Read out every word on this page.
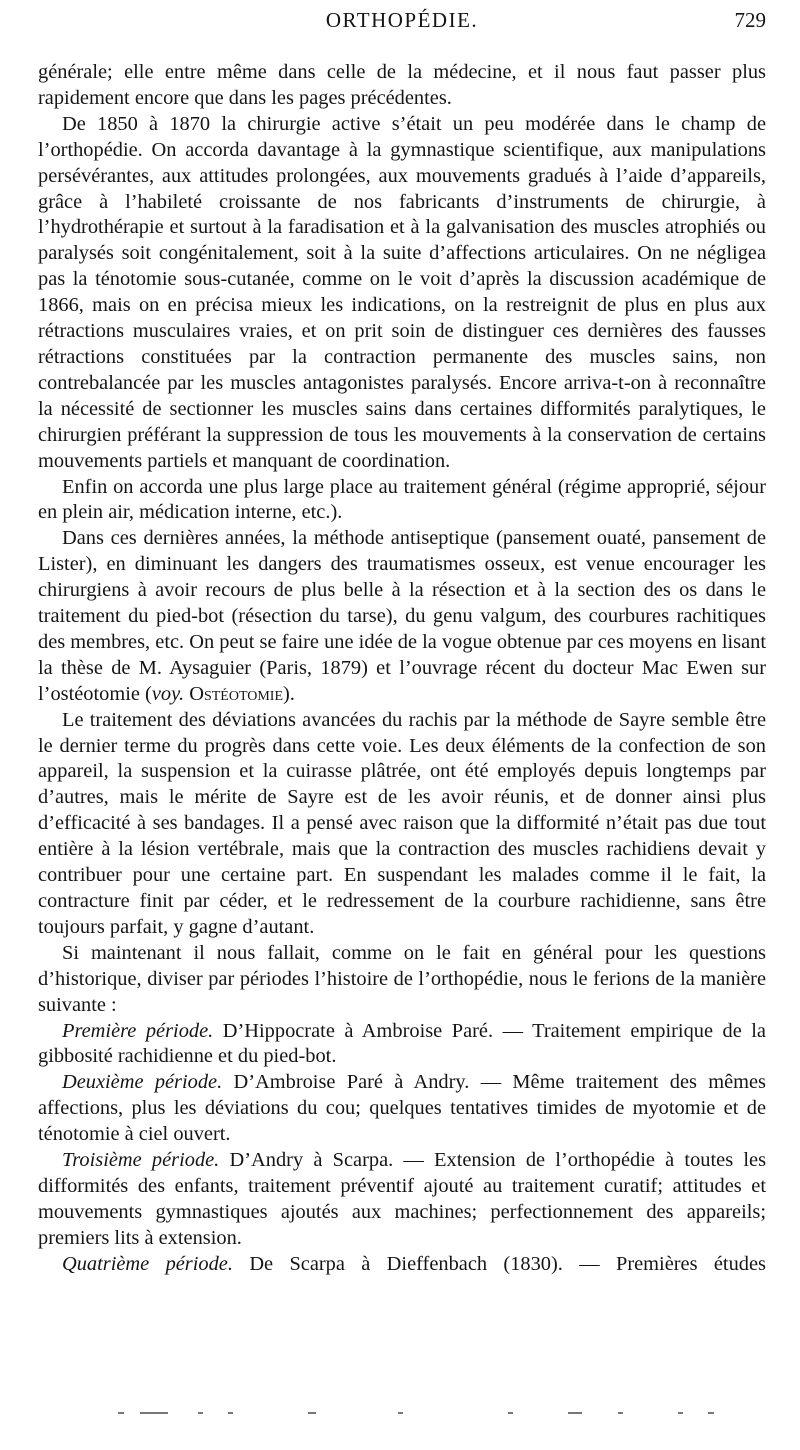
ORTHOPÉDIE.	729

générale; elle entre même dans celle de la médecine, et il nous faut passer plus rapidement encore que dans les pages précédentes.

De 1850 à 1870 la chirurgie active s’était un peu modérée dans le champ de l’orthopédie. On accorda davantage à la gymnastique scientifique, aux manipulations persévérantes, aux attitudes prolongées, aux mouvements gradués à l’aide d’appareils, grâce à l’habileté croissante de nos fabricants d’instruments de chirurgie, à l’hydrothérapie et surtout à la faradisation et à la galvanisation des muscles atrophiés ou paralysés soit congénitalement, soit à la suite d’affections articulaires. On ne négligea pas la ténotomie sous-cutanée, comme on le voit d’après la discussion académique de 1866, mais on en précisa mieux les indications, on la restreignit de plus en plus aux rétractions musculaires vraies, et on prit soin de distinguer ces dernières des fausses rétractions constituées par la contraction permanente des muscles sains, non contrebalancée par les muscles antagonistes paralysés. Encore arriva-t-on à reconnaître la nécessité de sectionner les muscles sains dans certaines difformités paralytiques, le chirurgien préférant la suppression de tous les mouvements à la conservation de certains mouvements partiels et manquant de coordination.

Enfin on accorda une plus large place au traitement général (régime approprié, séjour en plein air, médication interne, etc.).

Dans ces dernières années, la méthode antiseptique (pansement ouaté, pansement de Lister), en diminuant les dangers des traumatismes osseux, est venue encourager les chirurgiens à avoir recours de plus belle à la résection et à la section des os dans le traitement du pied-bot (résection du tarse), du genu valgum, des courbures rachitiques des membres, etc. On peut se faire une idée de la vogue obtenue par ces moyens en lisant la thèse de M. Aysaguier (Paris, 1879) et l’ouvrage récent du docteur Mac Ewen sur l’ostéotomie (voy. Ostéotomie).

Le traitement des déviations avancées du rachis par la méthode de Sayre semble être le dernier terme du progrès dans cette voie. Les deux éléments de la confection de son appareil, la suspension et la cuirasse plâtrée, ont été employés depuis longtemps par d’autres, mais le mérite de Sayre est de les avoir réunis, et de donner ainsi plus d’efficacité à ses bandages. Il a pensé avec raison que la difformité n’était pas due tout entière à la lésion vertébrale, mais que la contraction des muscles rachidiens devait y contribuer pour une certaine part. En suspendant les malades comme il le fait, la contracture finit par céder, et le redressement de la courbure rachidienne, sans être toujours parfait, y gagne d’autant.

Si maintenant il nous fallait, comme on le fait en général pour les questions d’historique, diviser par périodes l’histoire de l’orthopédie, nous le ferions de la manière suivante :

Première période. D’Hippocrate à Ambroise Paré. — Traitement empirique de la gibbosité rachidienne et du pied-bot.

Deuxième période. D’Ambroise Paré à Andry. — Même traitement des mêmes affections, plus les déviations du cou; quelques tentatives timides de myotomie et de ténotomie à ciel ouvert.

Troisième période. D’Andry à Scarpa. — Extension de l’orthopédie à toutes les difformités des enfants, traitement préventif ajouté au traitement curatif; attitudes et mouvements gymnastiques ajoutés aux machines; perfectionnement des appareils; premiers lits à extension.

Quatrième période. De Scarpa à Dieffenbach (1830). — Premières études
